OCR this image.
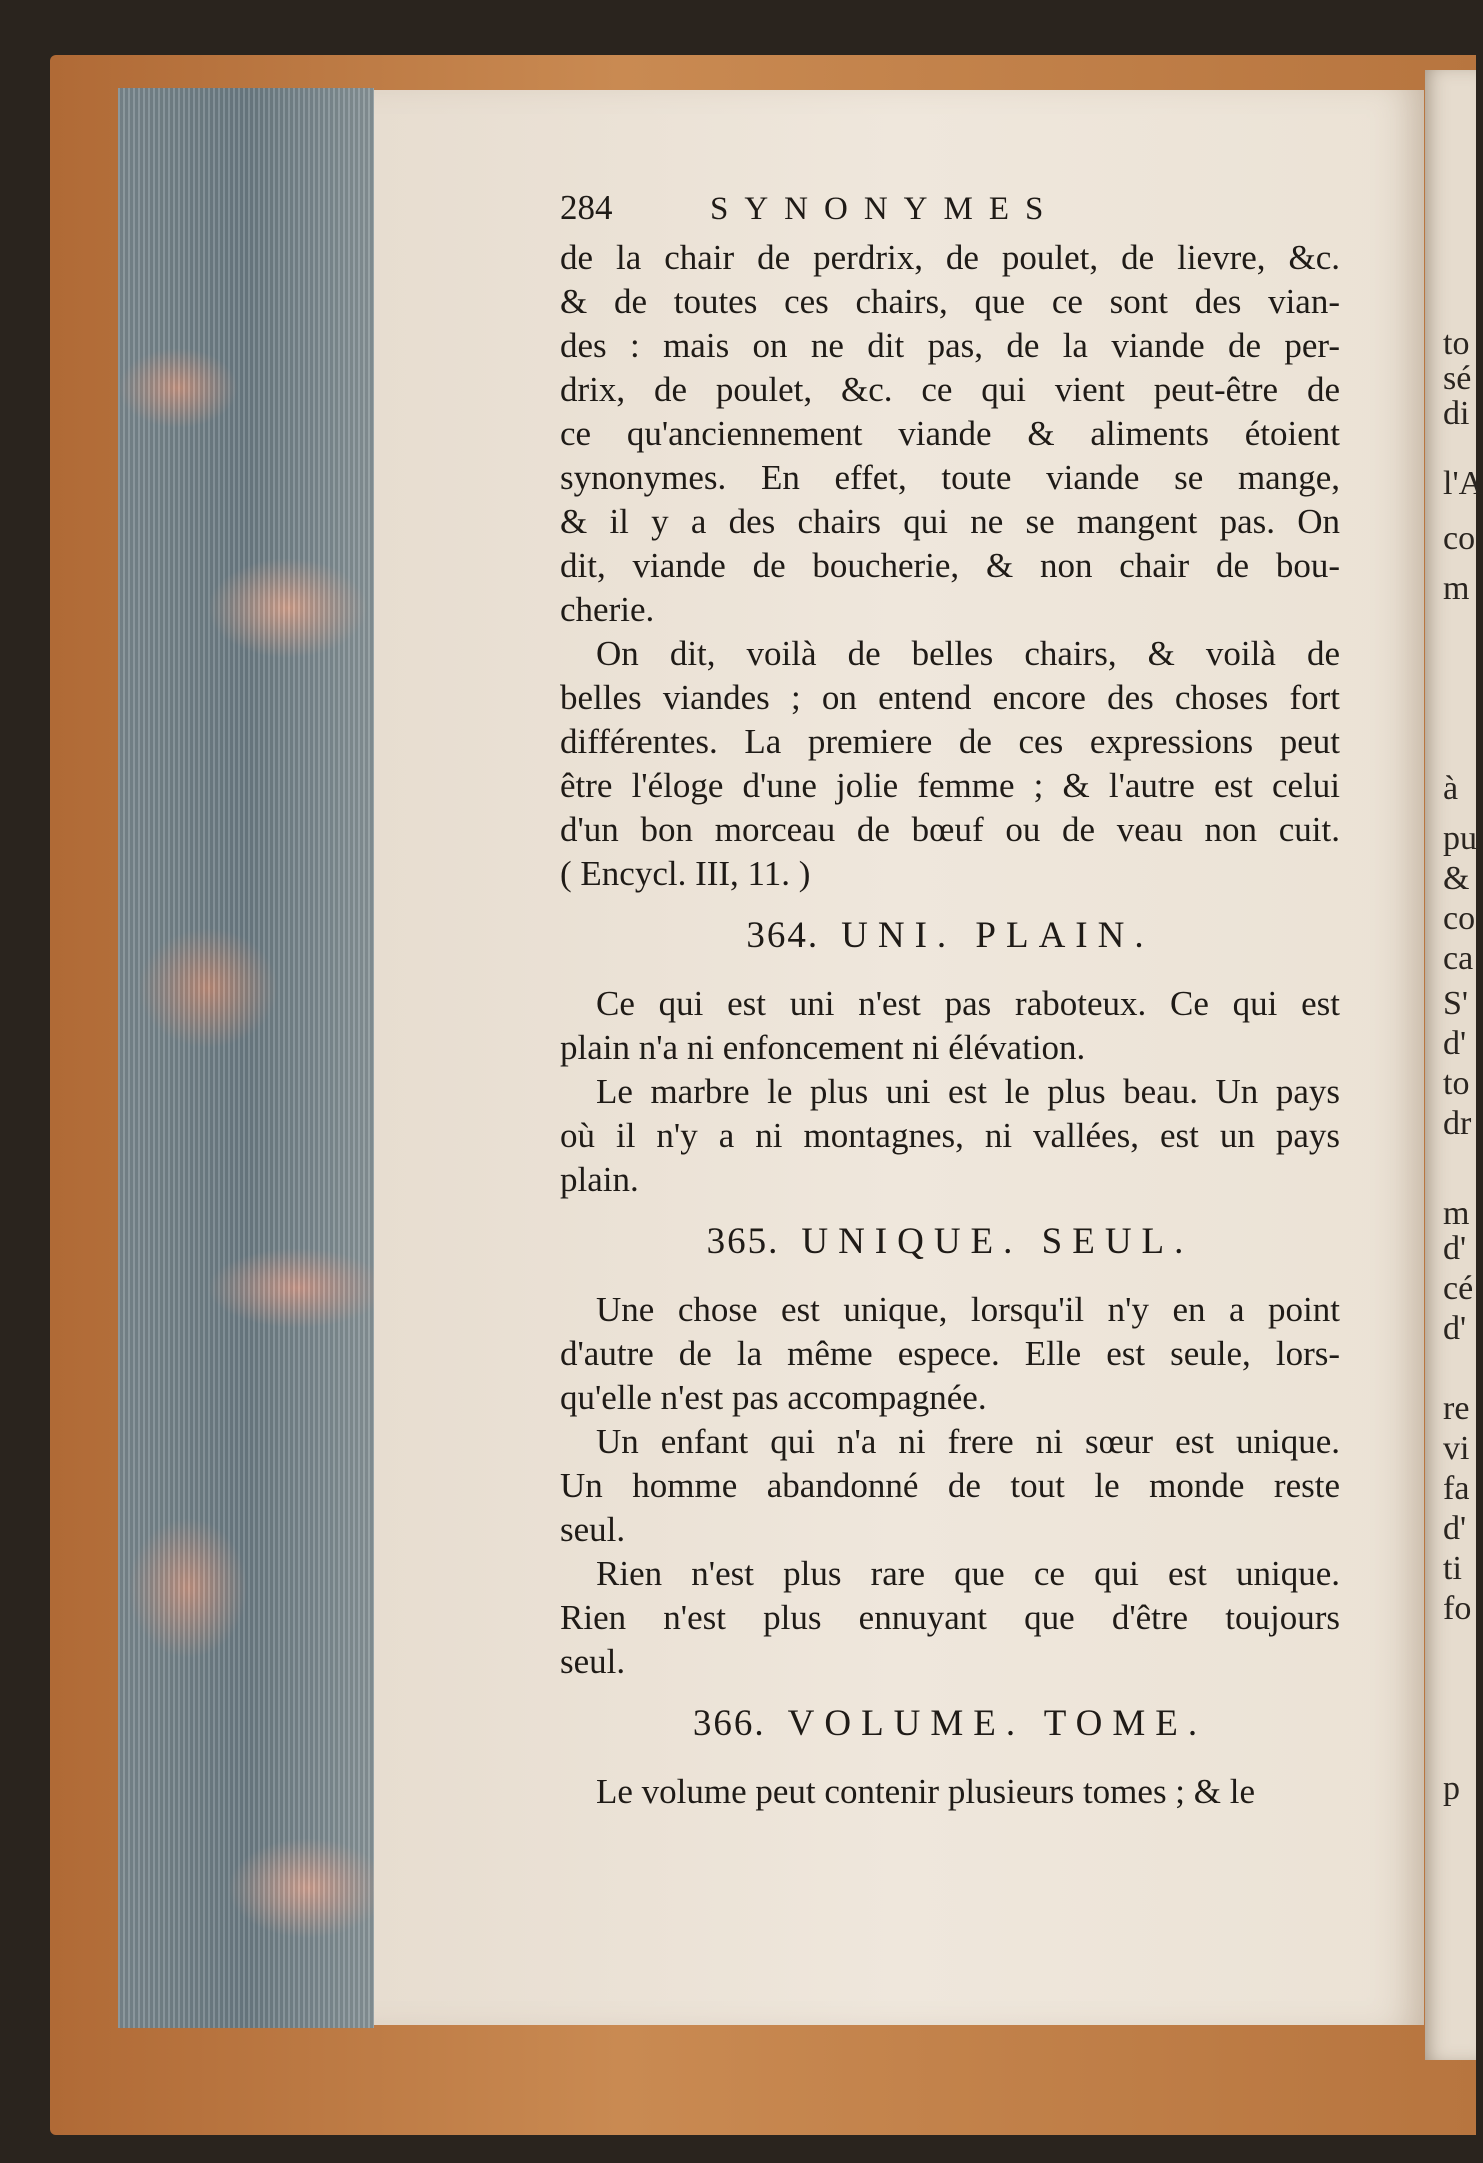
to
sé
di
l'A
co
m
à
pu
&
co
ca
S'
d'
to
dr
m
d'
cé
d'
re
vi
fa
d'
ti
fo
p
284	SYNONYMES
de la chair de perdrix, de poulet, de lievre, &c.
& de toutes ces chairs, que ce sont des vian-
des : mais on ne dit pas, de la viande de per-
drix, de poulet, &c. ce qui vient peut-être de
ce qu'anciennement viande & aliments étoient
synonymes. En effet, toute viande se mange,
& il y a des chairs qui ne se mangent pas. On
dit, viande de boucherie, & non chair de bou-
cherie.
On dit, voilà de belles chairs, & voilà de
belles viandes ; on entend encore des choses fort
différentes. La premiere de ces expressions peut
être l'éloge d'une jolie femme ; & l'autre est celui
d'un bon morceau de bœuf ou de veau non cuit.
( Encycl. III, 11. )
364. UNI. PLAIN.
Ce qui est uni n'est pas raboteux. Ce qui est
plain n'a ni enfoncement ni élévation.
Le marbre le plus uni est le plus beau. Un pays
où il n'y a ni montagnes, ni vallées, est un pays
plain.
365. UNIQUE. SEUL.
Une chose est unique, lorsqu'il n'y en a point
d'autre de la même espece. Elle est seule, lors-
qu'elle n'est pas accompagnée.
Un enfant qui n'a ni frere ni sœur est unique.
Un homme abandonné de tout le monde reste
seul.
Rien n'est plus rare que ce qui est unique.
Rien n'est plus ennuyant que d'être toujours
seul.
366. VOLUME. TOME.
Le volume peut contenir plusieurs tomes ; & le
